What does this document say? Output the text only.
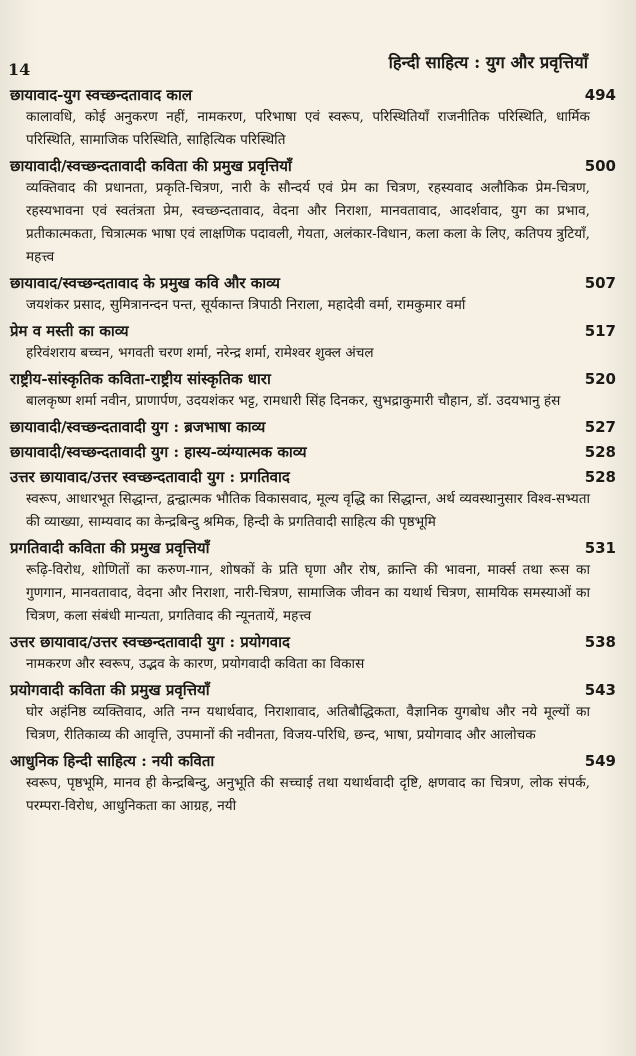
14	हिन्दी साहित्य : युग और प्रवृत्तियाँ
छायावाद-युग स्वच्छन्दतावाद काल	494
कालावधि, कोई अनुकरण नहीं, नामकरण, परिभाषा एवं स्वरूप, परिस्थितियाँ राजनीतिक परिस्थिति, धार्मिक परिस्थिति, सामाजिक परिस्थिति, साहित्यिक परिस्थिति
छायावादी/स्वच्छन्दतावादी कविता की प्रमुख प्रवृत्तियाँ	500
व्यक्तिवाद की प्रधानता, प्रकृति-चित्रण, नारी के सौन्दर्य एवं प्रेम का चित्रण, रहस्यवाद अलौकिक प्रेम-चित्रण, रहस्यभावना एवं स्वतंत्रता प्रेम, स्वच्छन्दतावाद, वेदना और निराशा, मानवतावाद, आदर्शवाद, युग का प्रभाव, प्रतीकात्मकता, चित्रात्मक भाषा एवं लाक्षणिक पदावली, गेयता, अलंकार-विधान, कला कला के लिए, कतिपय त्रुटियाँ, महत्त्व
छायावाद/स्वच्छन्दतावाद के प्रमुख कवि और काव्य	507
जयशंकर प्रसाद, सुमित्रानन्दन पन्त, सूर्यकान्त त्रिपाठी निराला, महादेवी वर्मा, रामकुमार वर्मा
प्रेम व मस्ती का काव्य	517
हरिवंशराय बच्चन, भगवती चरण शर्मा, नरेन्द्र शर्मा, रामेश्वर शुक्ल अंचल
राष्ट्रीय-सांस्कृतिक कविता-राष्ट्रीय सांस्कृतिक धारा	520
बालकृष्ण शर्मा नवीन, प्राणार्पण, उदयशंकर भट्ट, रामधारी सिंह दिनकर, सुभद्राकुमारी चौहान, डॉ. उदयभानु हंस
छायावादी/स्वच्छन्दतावादी युग : ब्रजभाषा काव्य	527
छायावादी/स्वच्छन्दतावादी युग : हास्य-व्यंग्यात्मक काव्य	528
उत्तर छायावाद/उत्तर स्वच्छन्दतावादी युग : प्रगतिवाद	528
स्वरूप, आधारभूत सिद्धान्त, द्वन्द्वात्मक भौतिक विकासवाद, मूल्य वृद्धि का सिद्धान्त, अर्थ व्यवस्थानुसार विश्व-सभ्यता की व्याख्या, साम्यवाद का केन्द्रबिन्दु श्रमिक, हिन्दी के प्रगतिवादी साहित्य की पृष्ठभूमि
प्रगतिवादी कविता की प्रमुख प्रवृत्तियाँ	531
रूढ़ि-विरोध, शोणितों का करुण-गान, शोषकों के प्रति घृणा और रोष, क्रान्ति की भावना, मार्क्स तथा रूस का गुणगान, मानवतावाद, वेदना और निराशा, नारी-चित्रण, सामाजिक जीवन का यथार्थ चित्रण, सामयिक समस्याओं का चित्रण, कला संबंधी मान्यता, प्रगतिवाद की न्यूनतायें, महत्त्व
उत्तर छायावाद/उत्तर स्वच्छन्दतावादी युग : प्रयोगवाद	538
नामकरण और स्वरूप, उद्भव के कारण, प्रयोगवादी कविता का विकास
प्रयोगवादी कविता की प्रमुख प्रवृत्तियाँ	543
घोर अहंनिष्ठ व्यक्तिवाद, अति नग्न यथार्थवाद, निराशावाद, अतिबौद्धिकता, वैज्ञानिक युगबोध और नये मूल्यों का चित्रण, रीतिकाव्य की आवृत्ति, उपमानों की नवीनता, विजय-परिधि, छन्द, भाषा, प्रयोगवाद और आलोचक
आधुनिक हिन्दी साहित्य : नयी कविता	549
स्वरूप, पृष्ठभूमि, मानव ही केन्द्रबिन्दु, अनुभूति की सच्चाई तथा यथार्थवादी दृष्टि, क्षणवाद का चित्रण, लोक संपर्क, परम्परा-विरोध, आधुनिकता का आग्रह, नयी
